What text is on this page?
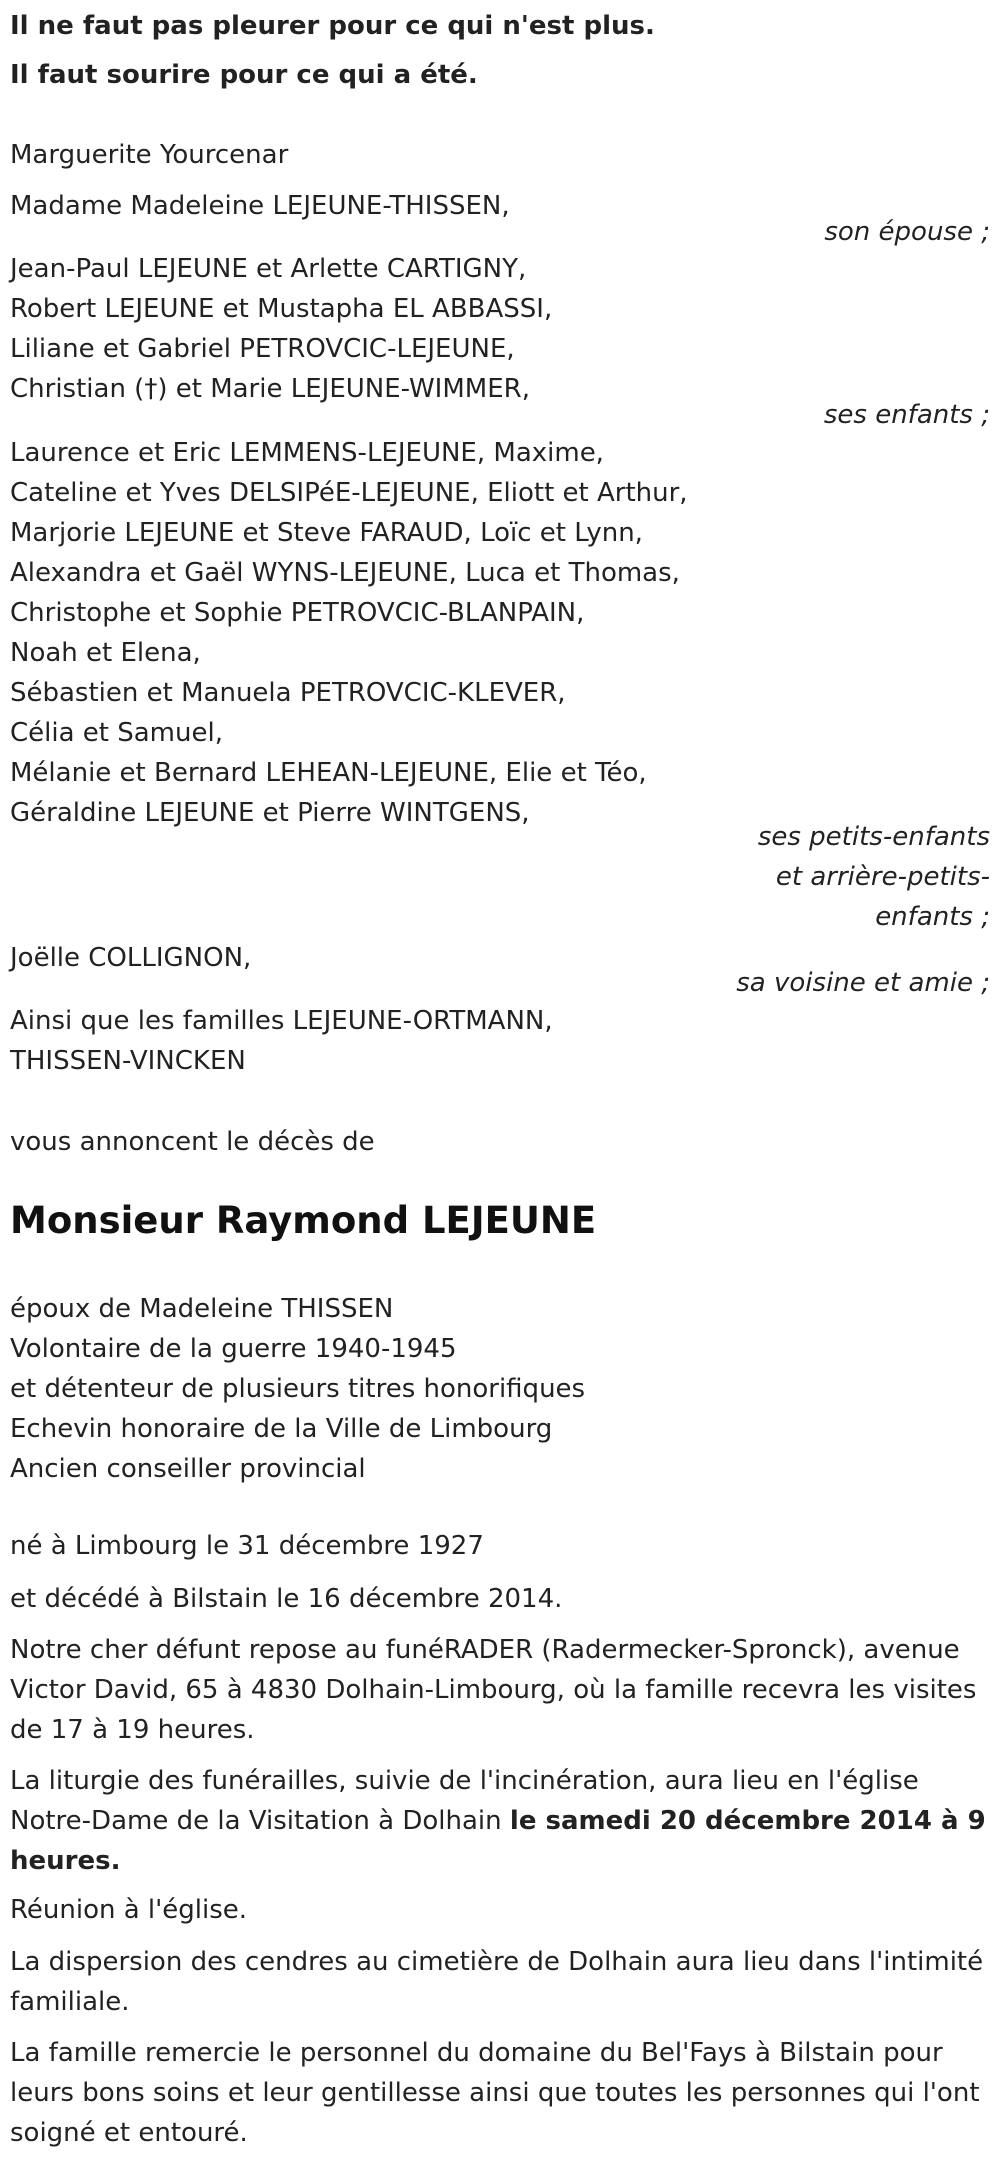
Il ne faut pas pleurer pour ce qui n'est plus.
Il faut sourire pour ce qui a été.
Marguerite Yourcenar
Madame Madeleine LEJEUNE-THISSEN,
son épouse ;
Jean-Paul LEJEUNE et Arlette CARTIGNY,
Robert LEJEUNE et Mustapha EL ABBASSI,
Liliane et Gabriel PETROVCIC-LEJEUNE,
Christian (†) et Marie LEJEUNE-WIMMER,
ses enfants ;
Laurence et Eric LEMMENS-LEJEUNE, Maxime,
Cateline et Yves DELSIPéE-LEJEUNE, Eliott et Arthur,
Marjorie LEJEUNE et Steve FARAUD, Loïc et Lynn,
Alexandra et Gaël WYNS-LEJEUNE, Luca et Thomas,
Christophe et Sophie PETROVCIC-BLANPAIN,
Noah et Elena,
Sébastien et Manuela PETROVCIC-KLEVER,
Célia et Samuel,
Mélanie et Bernard LEHEAN-LEJEUNE, Elie et Téo,
Géraldine LEJEUNE et Pierre WINTGENS,
ses petits-enfants
et arrière-petits-
enfants ;
Joëlle COLLIGNON,
sa voisine et amie ;
Ainsi que les familles LEJEUNE-ORTMANN,
THISSEN-VINCKEN
vous annoncent le décès de
Monsieur Raymond LEJEUNE
époux de Madeleine THISSEN
Volontaire de la guerre 1940-1945
et détenteur de plusieurs titres honorifiques
Echevin honoraire de la Ville de Limbourg
Ancien conseiller provincial
né à Limbourg le 31 décembre 1927
et décédé à Bilstain le 16 décembre 2014.
Notre cher défunt repose au funéRADER (Radermecker-Spronck), avenue Victor David, 65 à 4830 Dolhain-Limbourg, où la famille recevra les visites de 17 à 19 heures.
La liturgie des funérailles, suivie de l'incinération, aura lieu en l'église Notre-Dame de la Visitation à Dolhain le samedi 20 décembre 2014 à 9 heures.
Réunion à l'église.
La dispersion des cendres au cimetière de Dolhain aura lieu dans l'intimité familiale.
La famille remercie le personnel du domaine du Bel'Fays à Bilstain pour leurs bons soins et leur gentillesse ainsi que toutes les personnes qui l'ont soigné et entouré.
